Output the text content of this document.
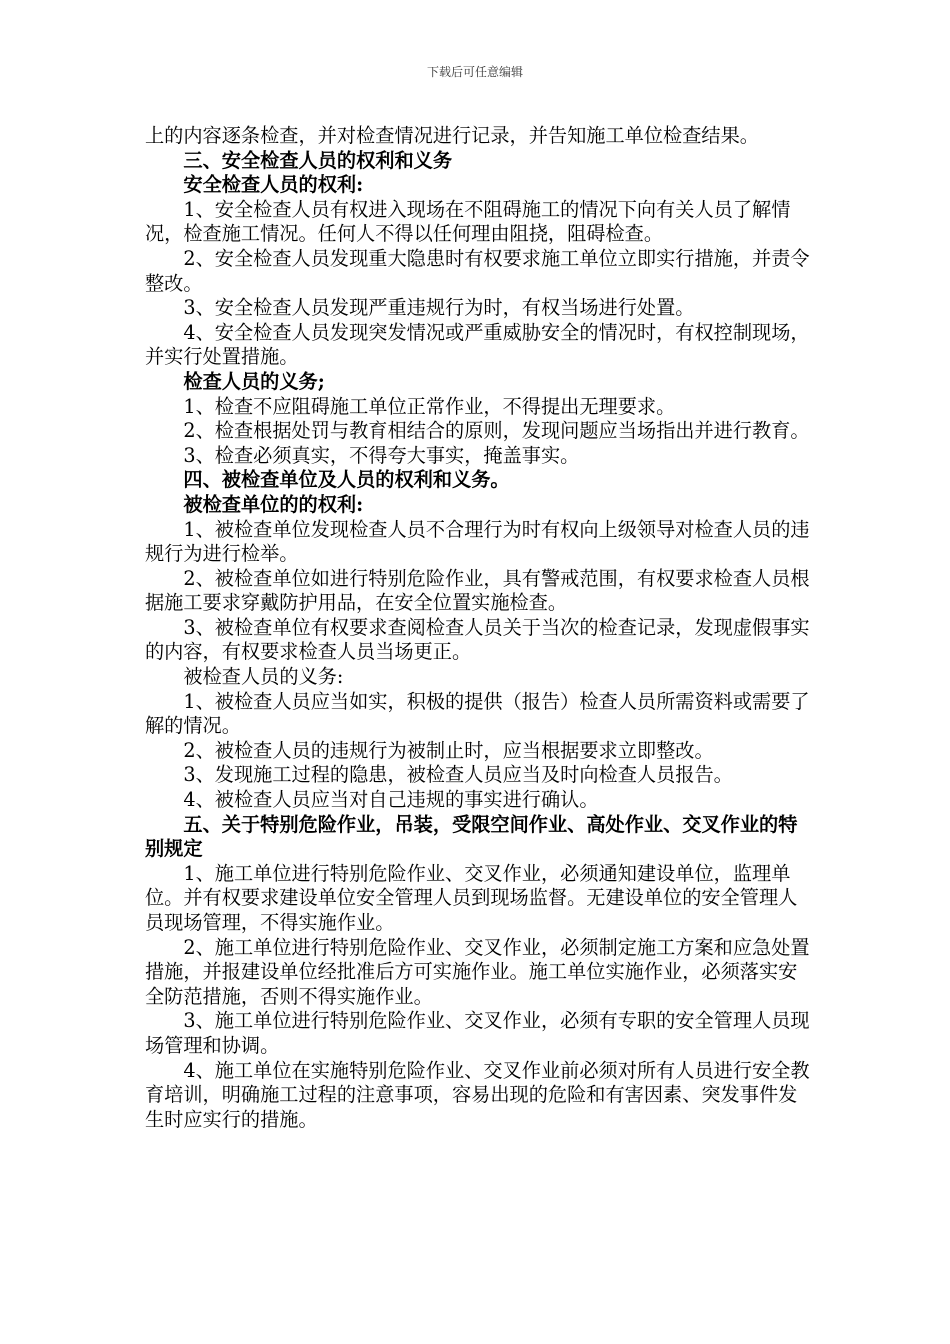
下载后可任意编辑

上的内容逐条检查，并对检查情况进行记录，并告知施工单位检查结果。

三、安全检查人员的权利和义务

安全检查人员的权利:

1、安全检查人员有权进入现场在不阻碍施工的情况下向有关人员了解情况，检查施工情况。任何人不得以任何理由阻挠，阻碍检查。

2、安全检查人员发现重大隐患时有权要求施工单位立即实行措施，并责令整改。

3、安全检查人员发现严重违规行为时，有权当场进行处置。

4、安全检查人员发现突发情况或严重威胁安全的情况时，有权控制现场，并实行处置措施。

检查人员的义务;

1、检查不应阻碍施工单位正常作业，不得提出无理要求。

2、检查根据处罚与教育相结合的原则，发现问题应当场指出并进行教育。

3、检查必须真实，不得夸大事实，掩盖事实。

四、被检查单位及人员的权利和义务。

被检查单位的的权利:

1、被检查单位发现检查人员不合理行为时有权向上级领导对检查人员的违规行为进行检举。

2、被检查单位如进行特别危险作业，具有警戒范围，有权要求检查人员根据施工要求穿戴防护用品，在安全位置实施检查。

3、被检查单位有权要求查阅检查人员关于当次的检查记录，发现虚假事实的内容，有权要求检查人员当场更正。

被检查人员的义务:

1、被检查人员应当如实，积极的提供（报告）检查人员所需资料或需要了解的情况。

2、被检查人员的违规行为被制止时，应当根据要求立即整改。

3、发现施工过程的隐患，被检查人员应当及时向检查人员报告。

4、被检查人员应当对自己违规的事实进行确认。

五、关于特别危险作业，吊装，受限空间作业、高处作业、交叉作业的特别规定

1、施工单位进行特别危险作业、交叉作业，必须通知建设单位，监理单位。并有权要求建设单位安全管理人员到现场监督。无建设单位的安全管理人员现场管理，不得实施作业。

2、施工单位进行特别危险作业、交叉作业，必须制定施工方案和应急处置措施，并报建设单位经批准后方可实施作业。施工单位实施作业，必须落实安全防范措施，否则不得实施作业。

3、施工单位进行特别危险作业、交叉作业，必须有专职的安全管理人员现场管理和协调。

4、施工单位在实施特别危险作业、交叉作业前必须对所有人员进行安全教育培训，明确施工过程的注意事项，容易出现的危险和有害因素、突发事件发生时应实行的措施。
